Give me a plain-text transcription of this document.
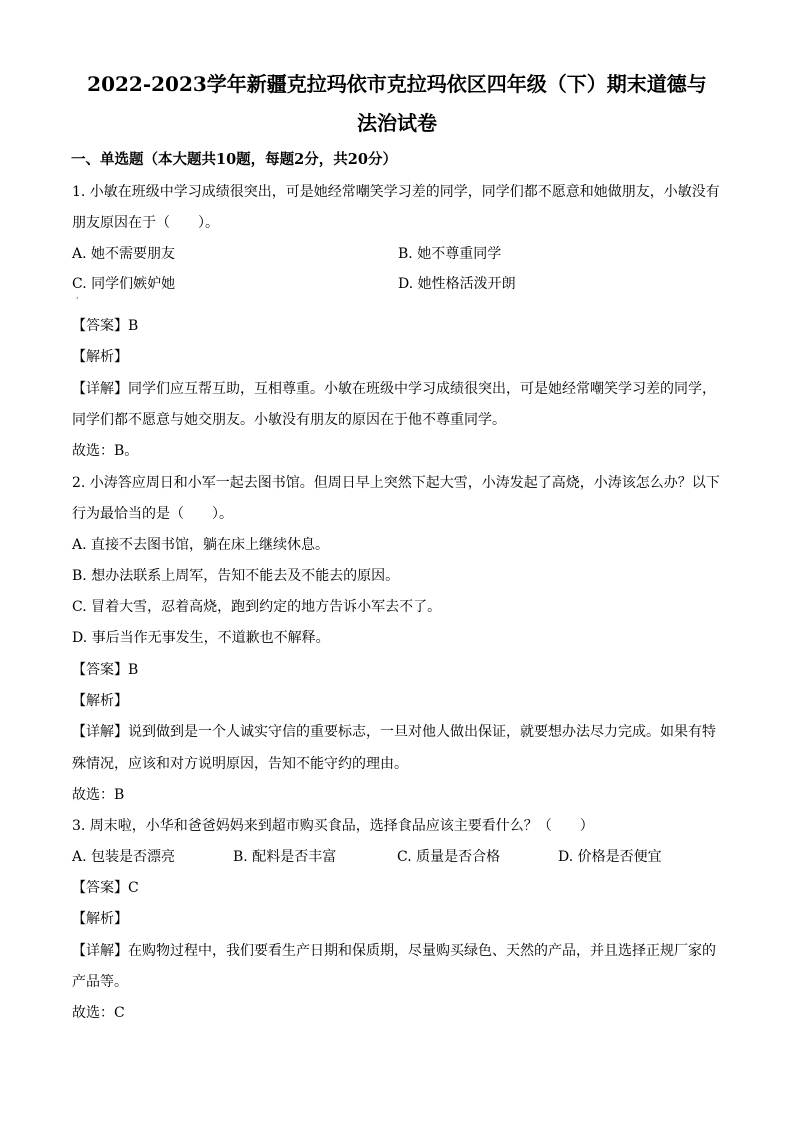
2022-2023学年新疆克拉玛依市克拉玛依区四年级（下）期末道德与
法治试卷
一、单选题（本大题共10题，每题2分，共20分）
1. 小敏在班级中学习成绩很突出，可是她经常嘲笑学习差的同学，同学们都不愿意和她做朋友，小敏没有
朋友原因在于（　　）。
A. 她不需要朋友	B. 她不尊重同学
C. 同学们嫉妒她	D. 她性格活泼开朗
·
【答案】B
【解析】
【详解】同学们应互帮互助，互相尊重。小敏在班级中学习成绩很突出，可是她经常嘲笑学习差的同学，
同学们都不愿意与她交朋友。小敏没有朋友的原因在于他不尊重同学。
故选：B。
2. 小涛答应周日和小军一起去图书馆。但周日早上突然下起大雪，小涛发起了高烧，小涛该怎么办？以下
行为最恰当的是（　　）。
A. 直接不去图书馆，躺在床上继续休息。
B. 想办法联系上周军，告知不能去及不能去的原因。
C. 冒着大雪，忍着高烧，跑到约定的地方告诉小军去不了。
D. 事后当作无事发生，不道歉也不解释。
【答案】B
【解析】
【详解】说到做到是一个人诚实守信的重要标志，一旦对他人做出保证，就要想办法尽力完成。如果有特
殊情况，应该和对方说明原因，告知不能守约的理由。
故选：B
3. 周末啦，小华和爸爸妈妈来到超市购买食品，选择食品应该主要看什么？（　　）
A. 包装是否漂亮	B. 配料是否丰富	C. 质量是否合格	D. 价格是否便宜
【答案】C
【解析】
【详解】在购物过程中，我们要看生产日期和保质期，尽量购买绿色、天然的产品，并且选择正规厂家的
产品等。
故选：C
